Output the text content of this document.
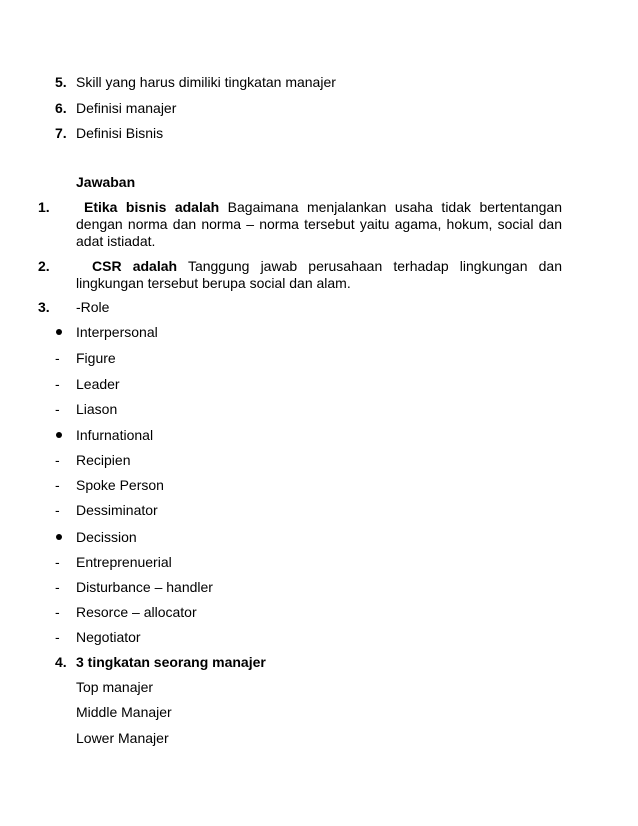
5. Skill yang harus dimiliki tingkatan manajer
6. Definisi manajer
7. Definisi Bisnis
Jawaban
1.	Etika bisnis adalah Bagaimana menjalankan usaha tidak bertentangan dengan norma dan norma – norma tersebut yaitu agama, hokum, social dan adat istiadat.
2.	CSR adalah Tanggung jawab perusahaan terhadap lingkungan dan lingkungan tersebut berupa social dan alam.
3. -Role
Interpersonal
- Figure
- Leader
- Liason
Infurnational
- Recipien
- Spoke Person
- Dessiminator
Decission
- Entreprenuerial
- Disturbance – handler
- Resorce – allocator
- Negotiator
4. 3 tingkatan seorang manajer
Top manajer
Middle Manajer
Lower Manajer
